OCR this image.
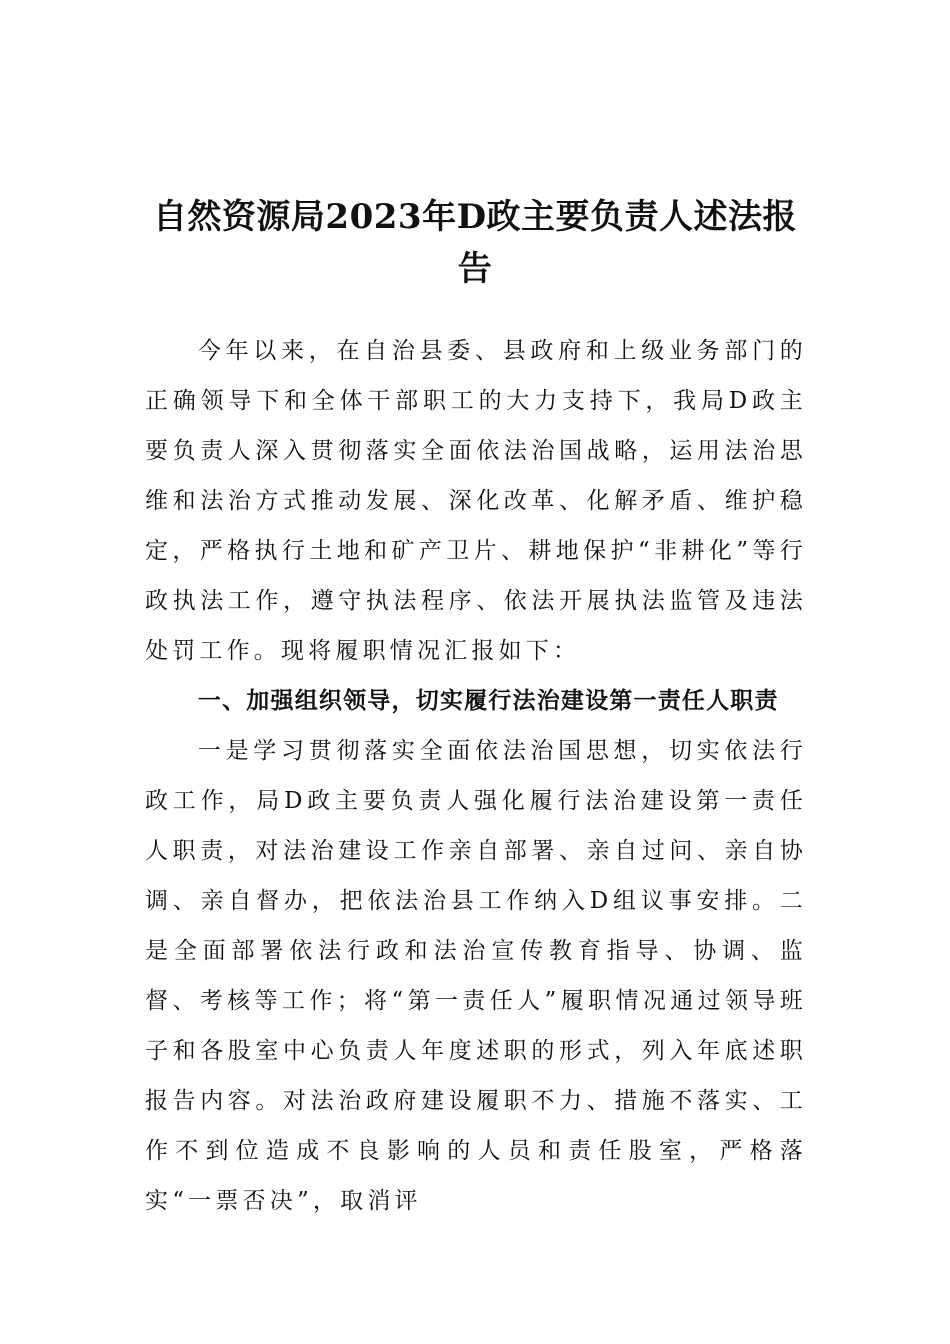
自然资源局2023年D政主要负责人述法报告

今年以来，在自治县委、县政府和上级业务部门的正确领导下和全体干部职工的大力支持下，我局D政主要负责人深入贯彻落实全面依法治国战略，运用法治思维和法治方式推动发展、深化改革、化解矛盾、维护稳定，严格执行土地和矿产卫片、耕地保护“非耕化”等行政执法工作，遵守执法程序、依法开展执法监管及违法处罚工作。现将履职情况汇报如下：

一、加强组织领导，切实履行法治建设第一责任人职责

一是学习贯彻落实全面依法治国思想，切实依法行政工作，局D政主要负责人强化履行法治建设第一责任人职责，对法治建设工作亲自部署、亲自过问、亲自协调、亲自督办，把依法治县工作纳入D组议事安排。二是全面部署依法行政和法治宣传教育指导、协调、监督、考核等工作；将“第一责任人”履职情况通过领导班子和各股室中心负责人年度述职的形式，列入年底述职报告内容。对法治政府建设履职不力、措施不落实、工作不到位造成不良影响的人员和责任股室，严格落实“一票否决”，取消评
